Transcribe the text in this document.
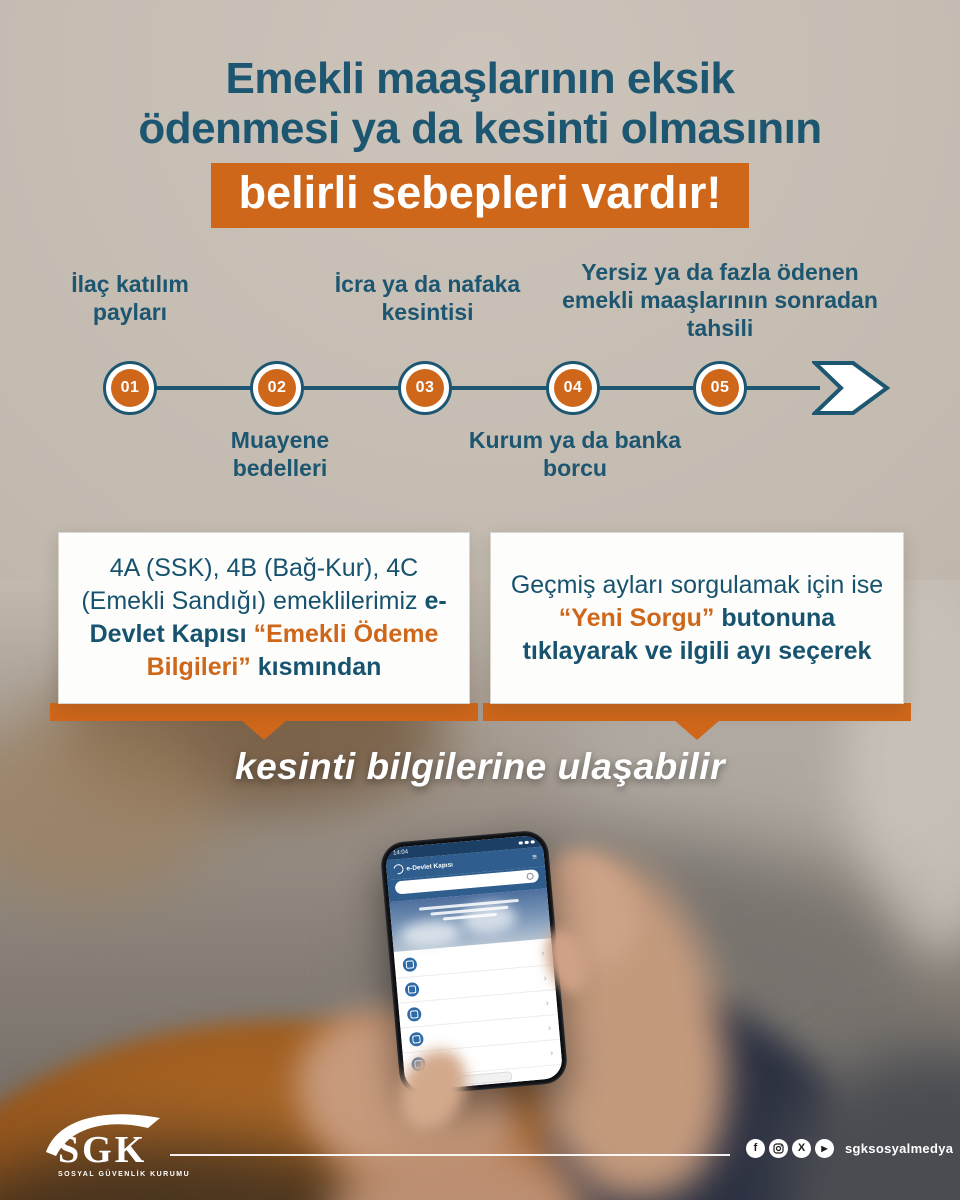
14:04
e-Devlet Kapısı
≡
›
›
›
›
›
Emekli maaşlarının eksik
ödenmesi ya da kesinti olmasının
belirli sebepleri vardır!
İlaç katılım payları
İcra ya da nafaka kesintisi
Yersiz ya da fazla ödenen emekli maaşlarının sonradan tahsili
Muayene bedelleri
Kurum ya da banka borcu
01	02	03	04	05
4A (SSK), 4B (Bağ-Kur), 4C (Emekli Sandığı) emeklilerimiz e-Devlet Kapısı “Emekli Ödeme Bilgileri” kısmından
Geçmiş ayları sorgulamak için ise “Yeni Sorgu” butonuna tıklayarak ve ilgili ayı seçerek
kesinti bilgilerine ulaşabilir
SGK
SOSYAL GÜVENLİK KURUMU
f	X	▶	sgksosyalmedya
